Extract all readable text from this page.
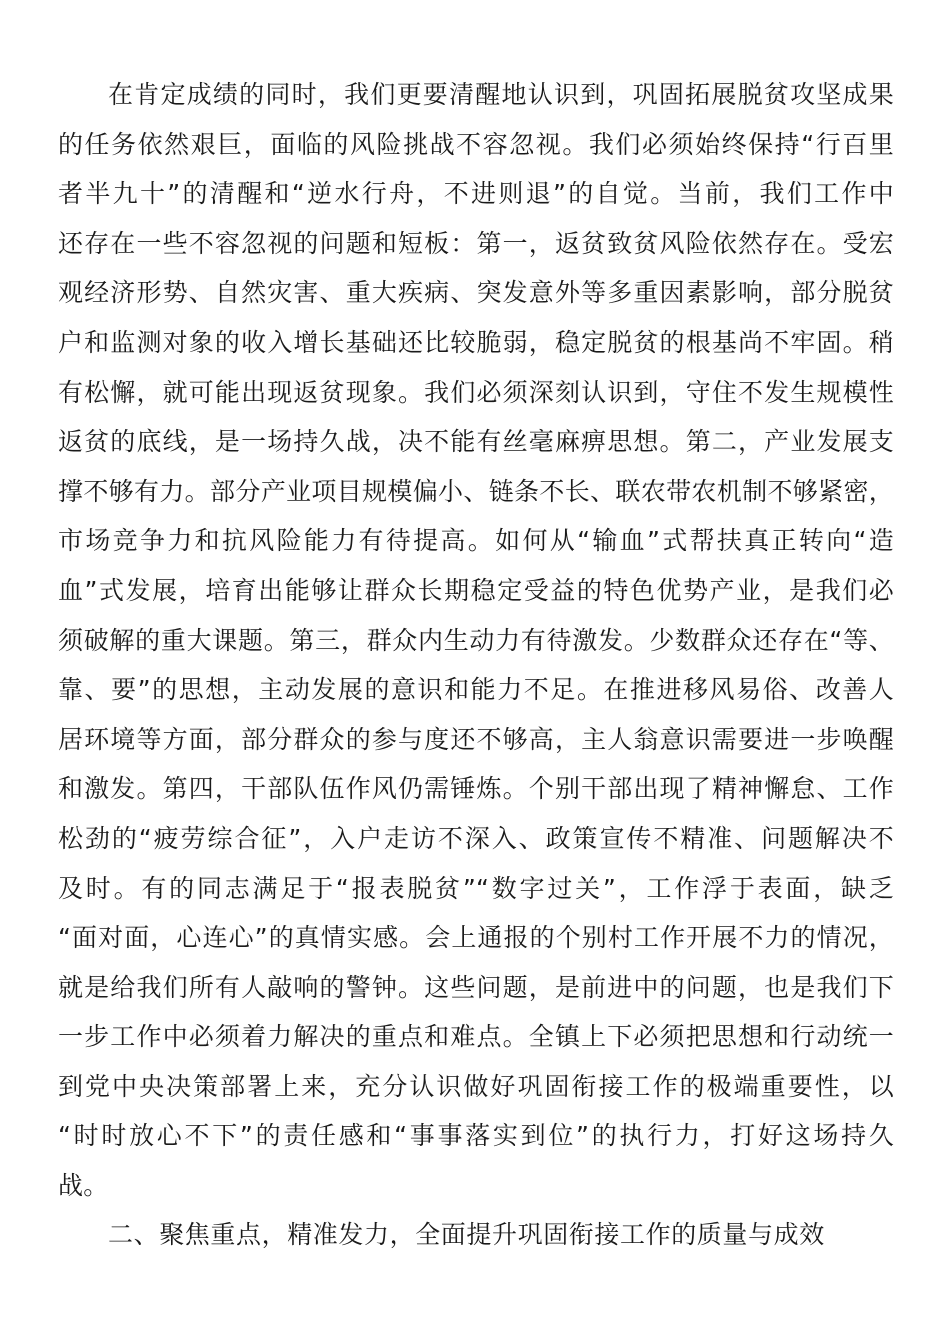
在肯定成绩的同时，我们更要清醒地认识到，巩固拓展脱贫攻坚成果
的任务依然艰巨，面临的风险挑战不容忽视。我们必须始终保持“行百里
者半九十”的清醒和“逆水行舟，不进则退”的自觉。当前，我们工作中
还存在一些不容忽视的问题和短板：第一，返贫致贫风险依然存在。受宏
观经济形势、自然灾害、重大疾病、突发意外等多重因素影响，部分脱贫
户和监测对象的收入增长基础还比较脆弱，稳定脱贫的根基尚不牢固。稍
有松懈，就可能出现返贫现象。我们必须深刻认识到，守住不发生规模性
返贫的底线，是一场持久战，决不能有丝毫麻痹思想。第二，产业发展支
撑不够有力。部分产业项目规模偏小、链条不长、联农带农机制不够紧密，
市场竞争力和抗风险能力有待提高。如何从“输血”式帮扶真正转向“造
血”式发展，培育出能够让群众长期稳定受益的特色优势产业，是我们必
须破解的重大课题。第三，群众内生动力有待激发。少数群众还存在“等、
靠、要”的思想，主动发展的意识和能力不足。在推进移风易俗、改善人
居环境等方面，部分群众的参与度还不够高，主人翁意识需要进一步唤醒
和激发。第四，干部队伍作风仍需锤炼。个别干部出现了精神懈怠、工作
松劲的“疲劳综合征”，入户走访不深入、政策宣传不精准、问题解决不
及时。有的同志满足于“报表脱贫”“数字过关”，工作浮于表面，缺乏
“面对面，心连心”的真情实感。会上通报的个别村工作开展不力的情况，
就是给我们所有人敲响的警钟。这些问题，是前进中的问题，也是我们下
一步工作中必须着力解决的重点和难点。全镇上下必须把思想和行动统一
到党中央决策部署上来，充分认识做好巩固衔接工作的极端重要性，以
“时时放心不下”的责任感和“事事落实到位”的执行力，打好这场持久
战。
二、聚焦重点，精准发力，全面提升巩固衔接工作的质量与成效
